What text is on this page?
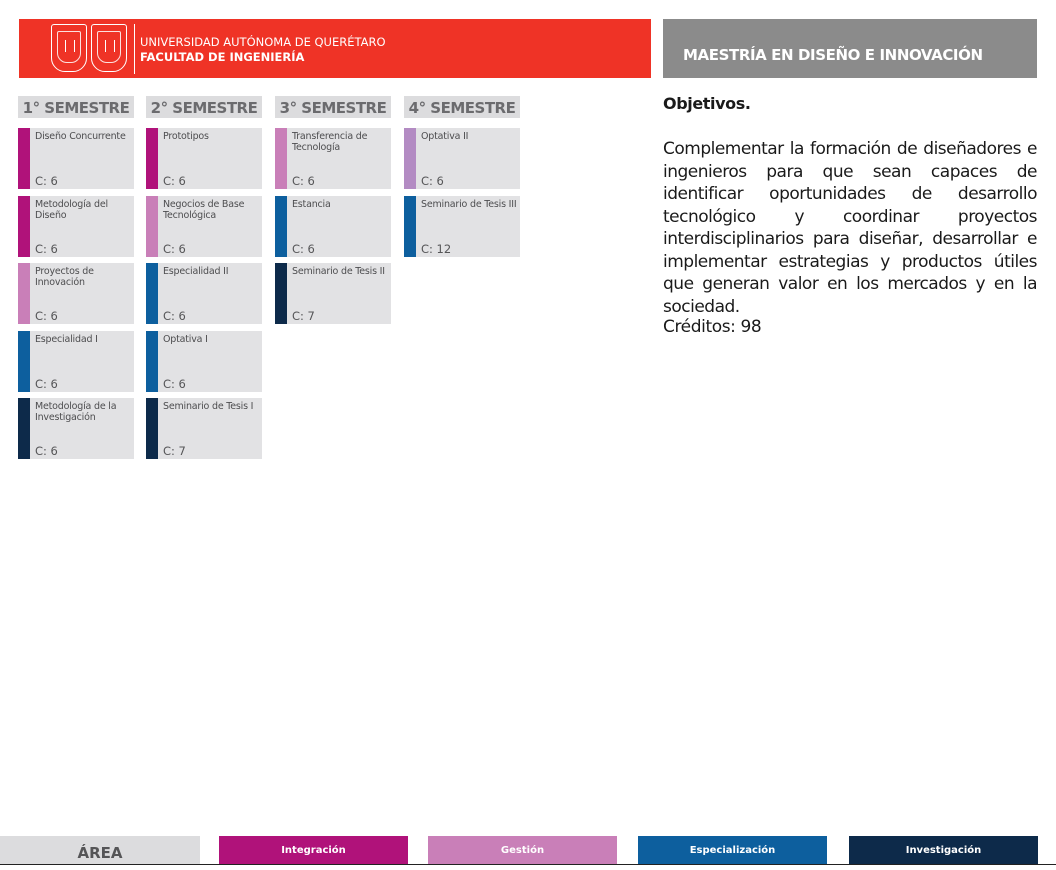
UNIVERSIDAD AUTÓNOMA DE QUERÉTARO
FACULTAD DE INGENIERÍA	MAESTRÍA EN DISEÑO E INNOVACIÓN
1° SEMESTRE
Diseño Concurrente
C: 6
Metodología del Diseño
C: 6
Proyectos de Innovación
C: 6
Especialidad I
C: 6
Metodología de la Investigación
C: 6
2° SEMESTRE
Prototipos
C: 6
Negocios de Base Tecnológica
C: 6
Especialidad II
C: 6
Optativa I
C: 6
Seminario de Tesis I
C: 7
3° SEMESTRE
Transferencia de Tecnología
C: 6
Estancia
C: 6
Seminario de Tesis II
C: 7
4° SEMESTRE
Optativa II
C: 6
Seminario de Tesis III
C: 12
Objetivos.
Complementar la formación de diseñadores e ingenieros para que sean capaces de identificar oportunidades de desarrollo tecnológico y coordinar proyectos interdisciplinarios para diseñar, desarrollar e implementar estrategias y productos útiles que generan valor en los mercados y en la sociedad.
Créditos: 98
ÁREA	Integración	Gestión	Especialización	Investigación
